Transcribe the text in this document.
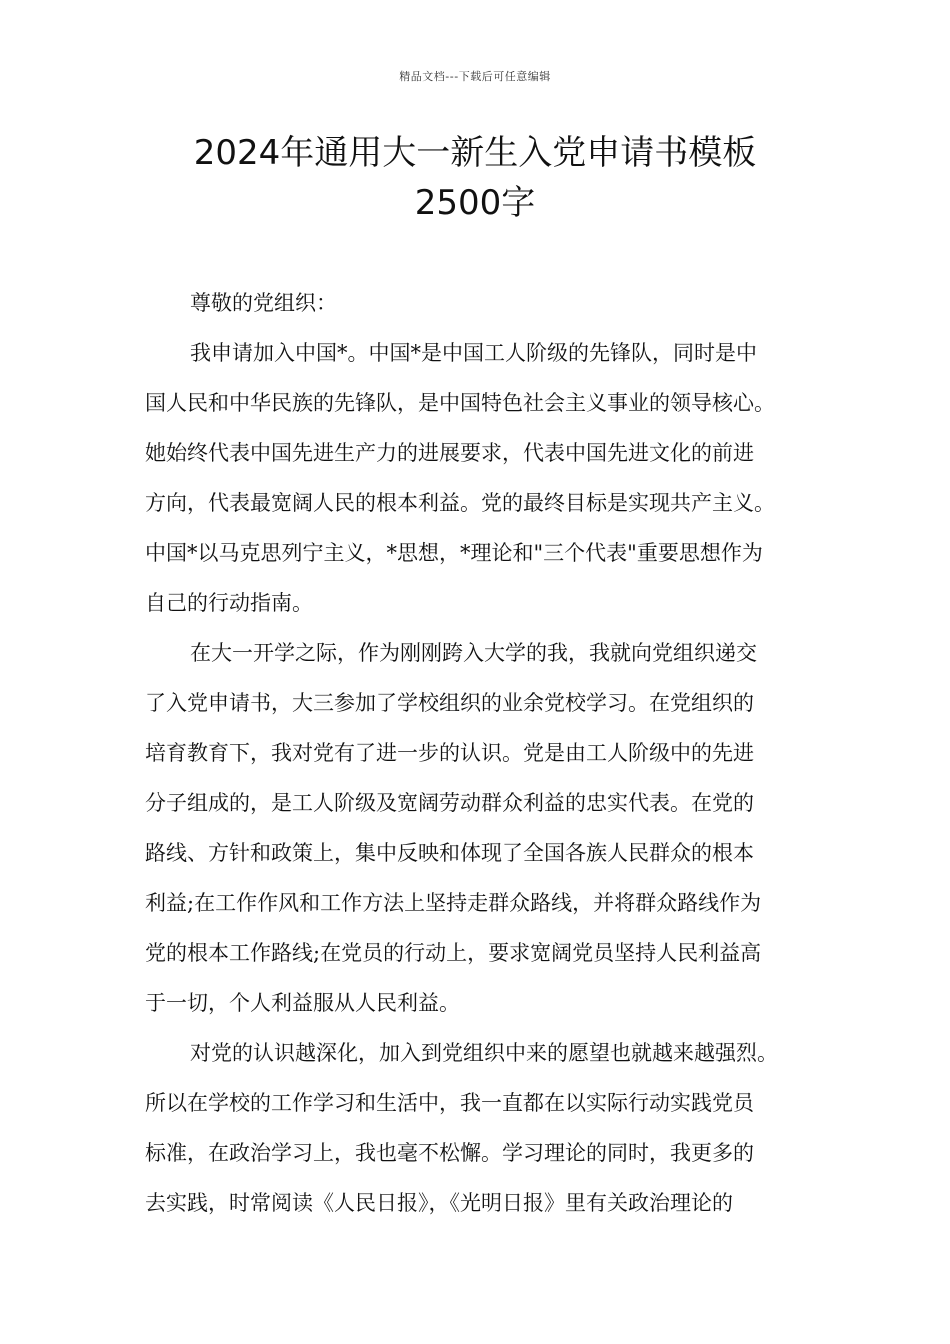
精品文档---下载后可任意编辑
2024年通用大一新生入党申请书模板
2500字
尊敬的党组织：
我申请加入中国*。中国*是中国工人阶级的先锋队，同时是中
国人民和中华民族的先锋队，是中国特色社会主义事业的领导核心。
她始终代表中国先进生产力的进展要求，代表中国先进文化的前进
方向，代表最宽阔人民的根本利益。党的最终目标是实现共产主义。
中国*以马克思列宁主义，*思想，*理论和"三个代表"重要思想作为
自己的行动指南。
在大一开学之际，作为刚刚跨入大学的我，我就向党组织递交
了入党申请书，大三参加了学校组织的业余党校学习。在党组织的
培育教育下，我对党有了进一步的认识。党是由工人阶级中的先进
分子组成的，是工人阶级及宽阔劳动群众利益的忠实代表。在党的
路线、方针和政策上，集中反映和体现了全国各族人民群众的根本
利益;在工作作风和工作方法上坚持走群众路线，并将群众路线作为
党的根本工作路线;在党员的行动上，要求宽阔党员坚持人民利益高
于一切，个人利益服从人民利益。
对党的认识越深化，加入到党组织中来的愿望也就越来越强烈。
所以在学校的工作学习和生活中，我一直都在以实际行动实践党员
标准，在政治学习上，我也毫不松懈。学习理论的同时，我更多的
去实践，时常阅读《人民日报》，《光明日报》里有关政治理论的
